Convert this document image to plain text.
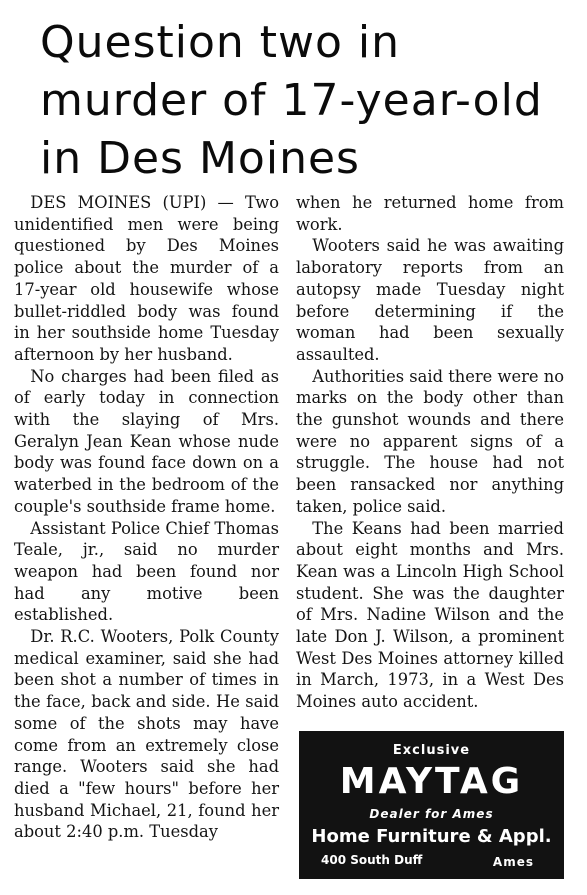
Question two in
murder of 17-year-old
in Des Moines

DES MOINES (UPI) — Two unidentified men were being questioned by Des Moines police about the murder of a 17-year old housewife whose bullet-riddled body was found in her southside home Tuesday afternoon by her husband.

No charges had been filed as of early today in connection with the slaying of Mrs. Geralyn Jean Kean whose nude body was found face down on a waterbed in the bedroom of the couple's southside frame home.

Assistant Police Chief Thomas Teale, jr., said no murder weapon had been found nor had any motive been established.

Dr. R.C. Wooters, Polk County medical examiner, said she had been shot a number of times in the face, back and side. He said some of the shots may have come from an extremely close range. Wooters said she had died a "few hours" before her husband Michael, 21, found her about 2:40 p.m. Tuesday

when he returned home from work.

Wooters said he was awaiting laboratory reports from an autopsy made Tuesday night before determining if the woman had been sexually assaulted.

Authorities said there were no marks on the body other than the gunshot wounds and there were no apparent signs of a struggle. The house had not been ransacked nor anything taken, police said.

The Keans had been married about eight months and Mrs. Kean was a Lincoln High School student. She was the daughter of Mrs. Nadine Wilson and the late Don J. Wilson, a prominent West Des Moines attorney killed in March, 1973, in a West Des Moines auto accident.

Exclusive
MAYTAG
Dealer for Ames
Home Furniture & Appl.
400 South Duff	Ames
